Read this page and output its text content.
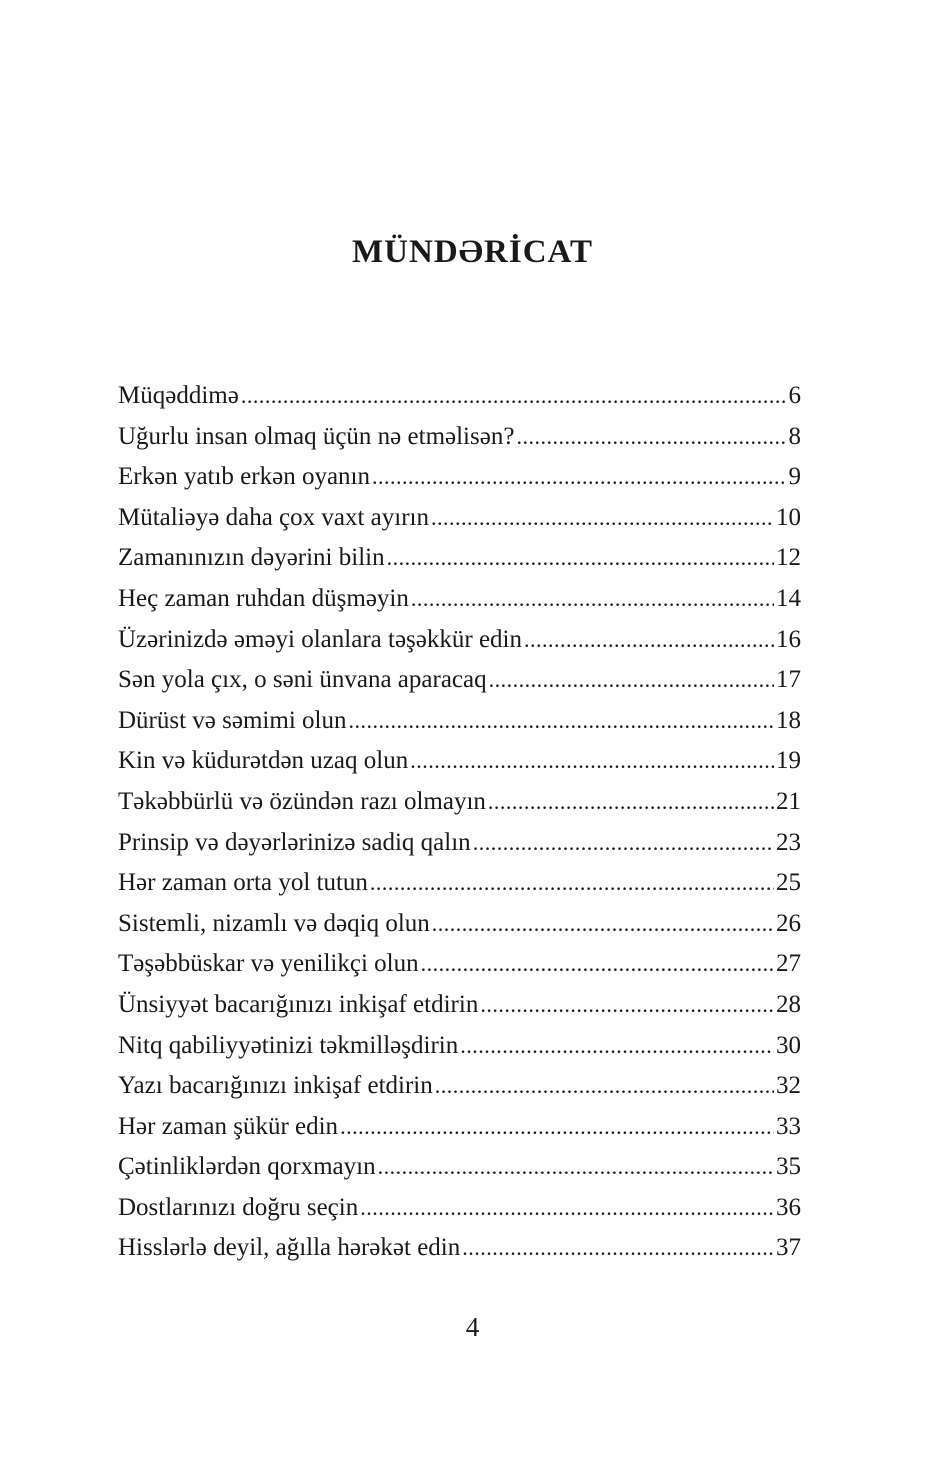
MÜNDƏRİCAT
Müqəddimə .....	6
Uğurlu insan olmaq üçün nə etməlisən? .....	8
Erkən yatıb erkən oyanın .....	9
Mütaliəyə daha çox vaxt ayırın .....	10
Zamanınızın dəyərini bilin .....	12
Heç zaman ruhdan düşməyin .....	14
Üzərinizdə əməyi olanlara təşəkkür edin .....	16
Sən yola çıx, o səni ünvana aparacaq .....	17
Dürüst və səmimi olun .....	18
Kin və küdurətdən uzaq olun .....	19
Təkəbbürlü və özündən razı olmayın .....	21
Prinsip və dəyərlərinizə sadiq qalın .....	23
Hər zaman orta yol tutun .....	25
Sistemli, nizamlı və dəqiq olun .....	26
Təşəbbüskar və yenilikçi olun .....	27
Ünsiyyət bacarığınızı inkişaf etdirin .....	28
Nitq qabiliyyətinizi təkmilləşdirin .....	30
Yazı bacarığınızı inkişaf etdirin .....	32
Hər zaman şükür edin .....	33
Çətinliklərdən qorxmayın .....	35
Dostlarınızı doğru seçin .....	36
Hisslərlə deyil, ağılla hərəkət edin .....	37
4
